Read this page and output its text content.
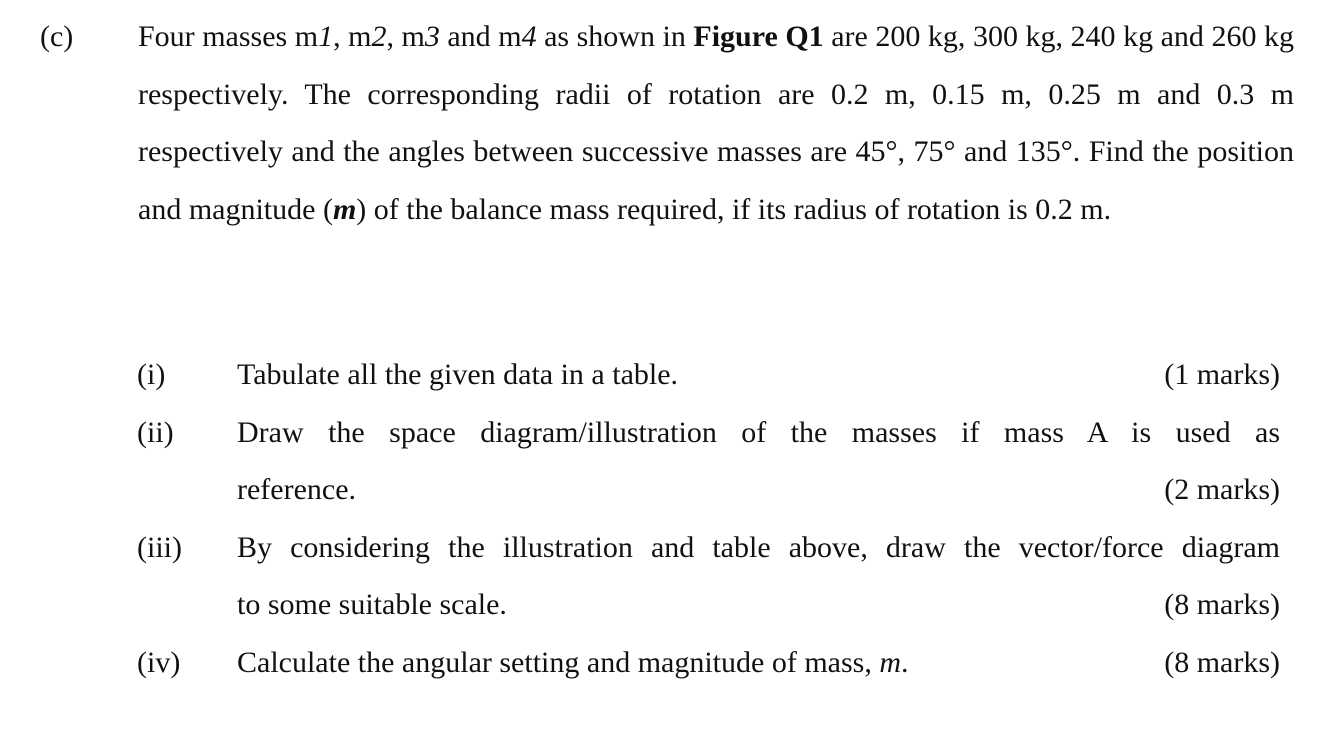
(c) Four masses m1, m2, m3 and m4 as shown in Figure Q1 are 200 kg, 300 kg, 240 kg and 260 kg respectively. The corresponding radii of rotation are 0.2 m, 0.15 m, 0.25 m and 0.3 m respectively and the angles between successive masses are 45°, 75° and 135°. Find the position and magnitude (m) of the balance mass required, if its radius of rotation is 0.2 m.
(i) Tabulate all the given data in a table.	(1 marks)
(ii) Draw the space diagram/illustration of the masses if mass A is used as
reference.	(2 marks)
(iii) By considering the illustration and table above, draw the vector/force diagram
to some suitable scale.	(8 marks)
(iv) Calculate the angular setting and magnitude of mass, m.	(8 marks)
